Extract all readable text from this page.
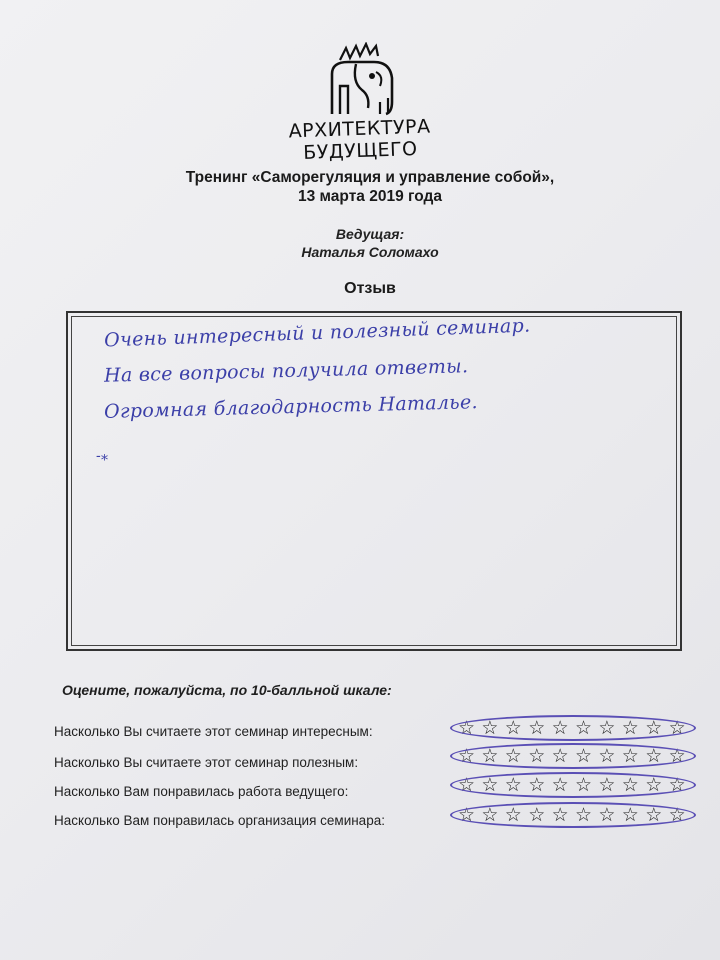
АРХИТЕКТУРА БУДУЩЕГО
Тренинг «Саморегуляция и управление собой»,
13 марта 2019 года
Ведущая:
Наталья Соломахо
Отзыв
Очень интересный и полезный семинар.
На все вопросы получила ответы.
Огромная благодарность Наталье.
-⁎
Оцените, пожалуйста, по 10-балльной шкале:
Насколько Вы считаете этот семинар интересным:	☆ ☆ ☆ ☆ ☆ ☆ ☆ ☆ ☆ ☆
Насколько Вы считаете этот семинар полезным:	☆ ☆ ☆ ☆ ☆ ☆ ☆ ☆ ☆ ☆
Насколько Вам понравилась работа ведущего:	☆ ☆ ☆ ☆ ☆ ☆ ☆ ☆ ☆ ☆
Насколько Вам понравилась организация семинара:	☆ ☆ ☆ ☆ ☆ ☆ ☆ ☆ ☆ ☆
